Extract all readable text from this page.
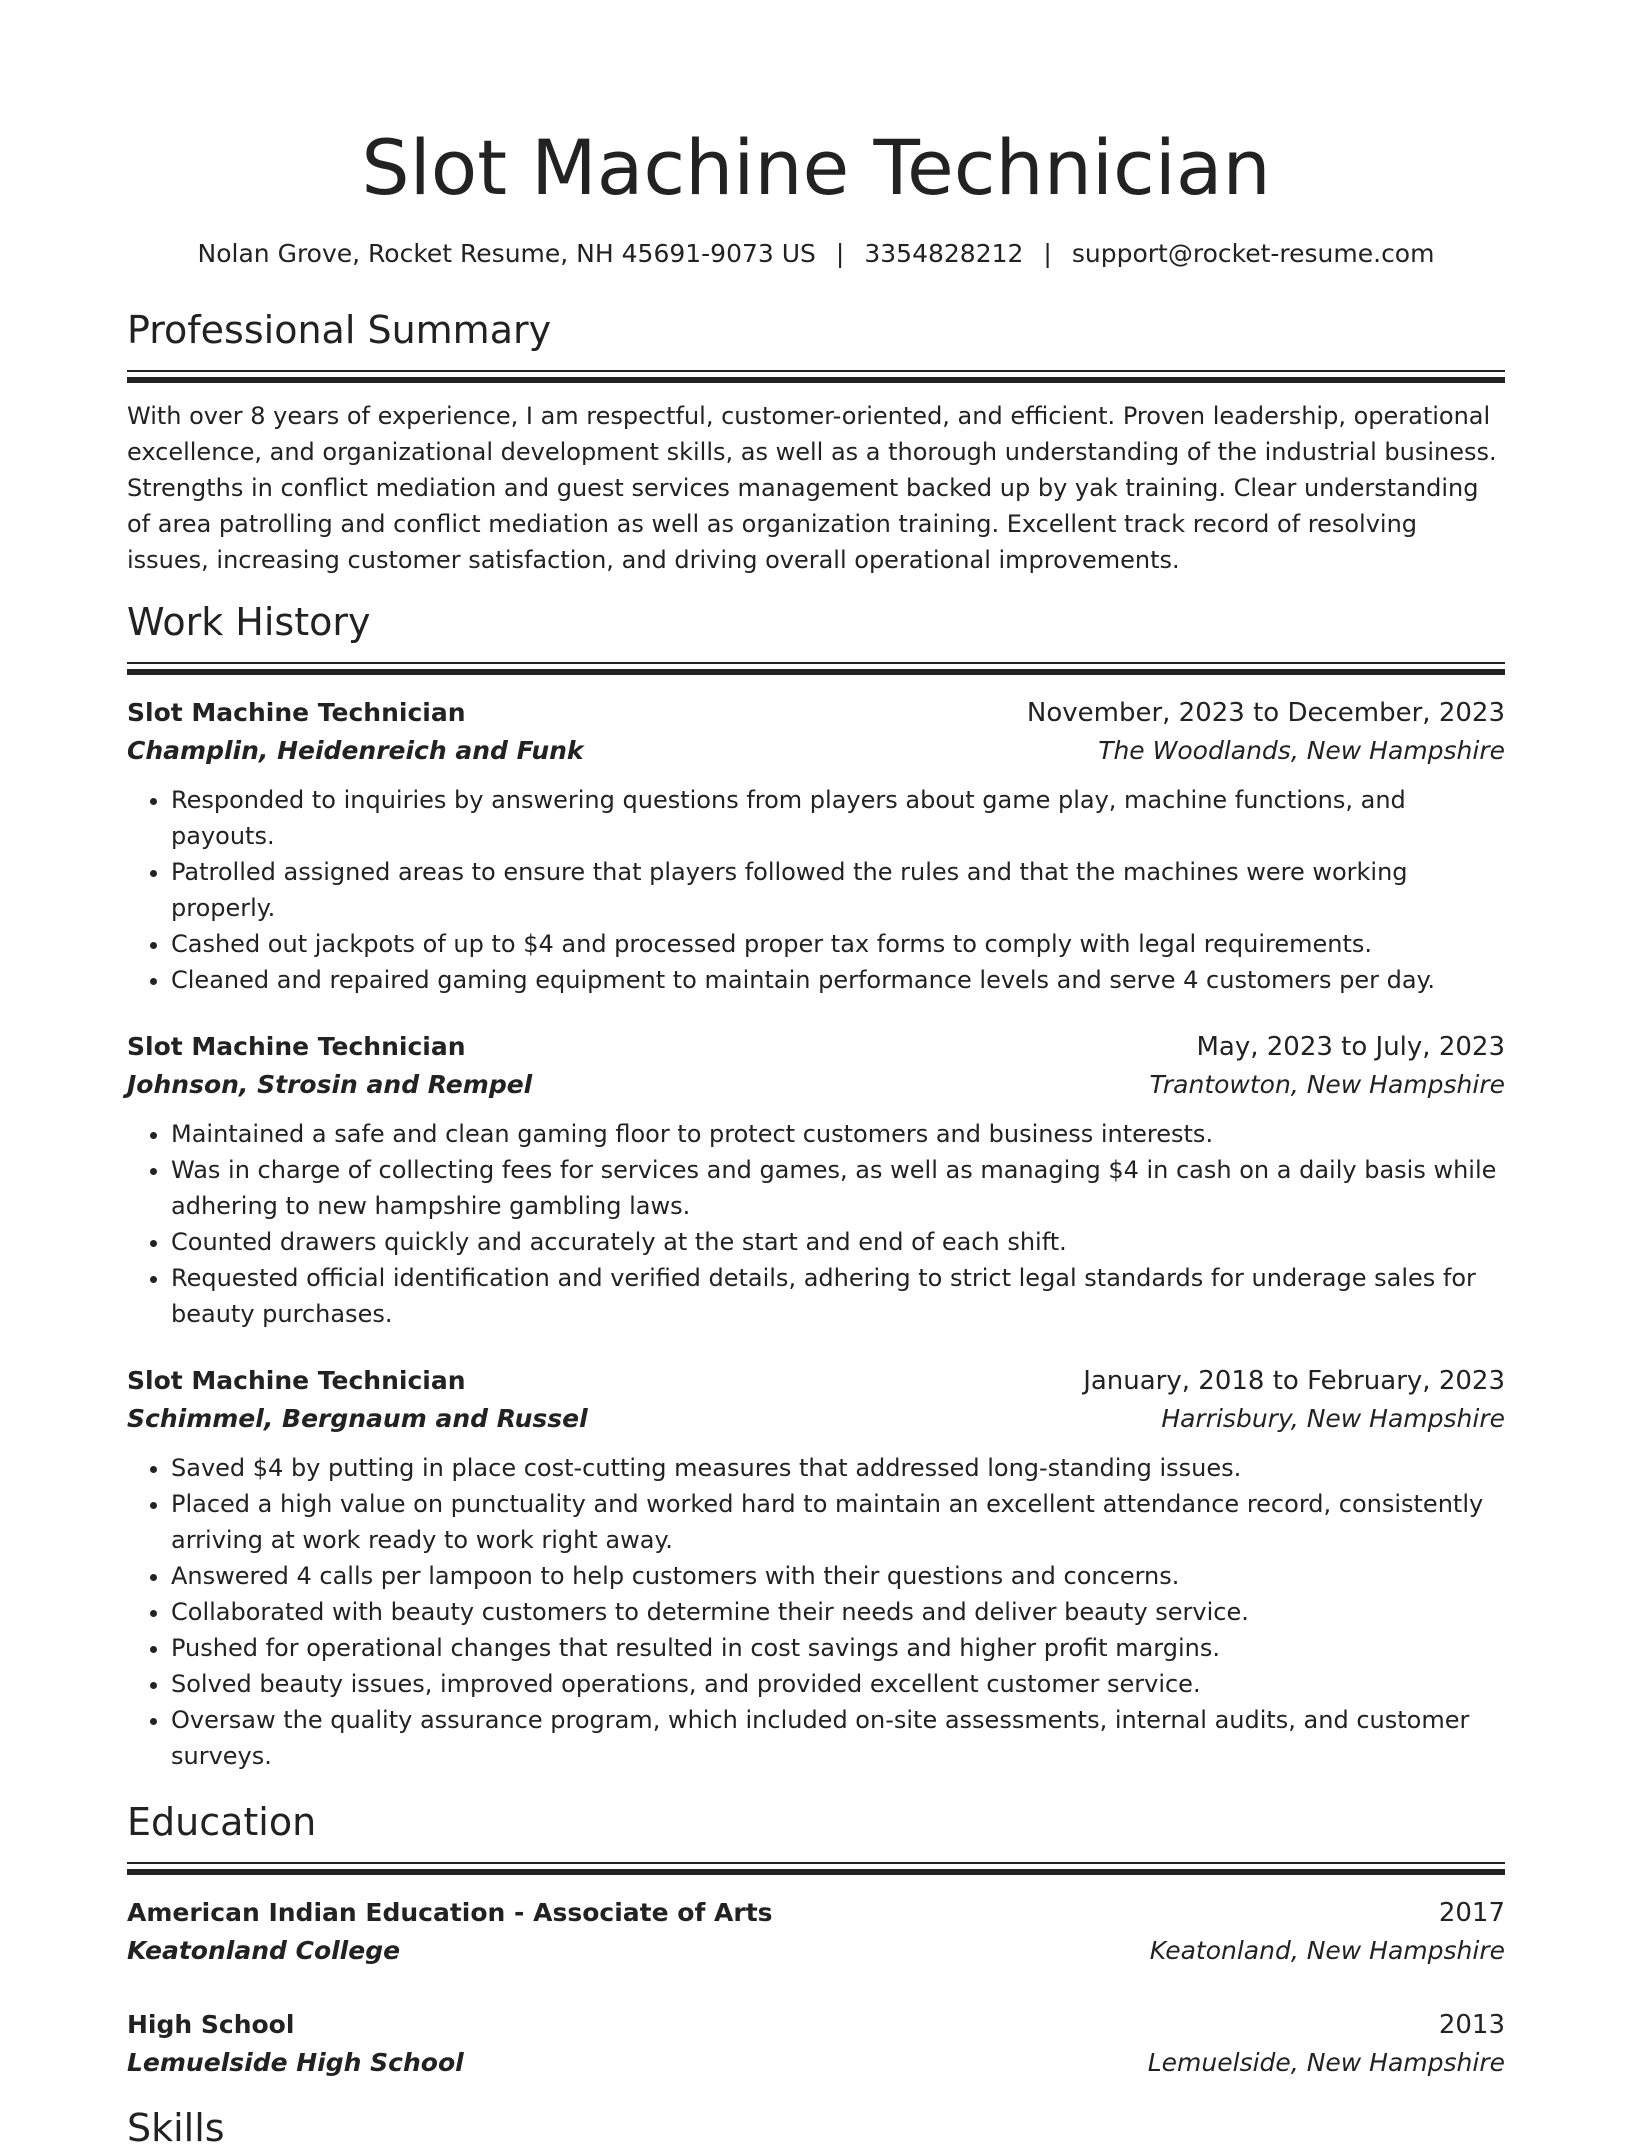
Slot Machine Technician
Nolan Grove, Rocket Resume, NH 45691-9073 US | 3354828212 | support@rocket-resume.com
Professional Summary
With over 8 years of experience, I am respectful, customer-oriented, and efficient. Proven leadership, operational excellence, and organizational development skills, as well as a thorough understanding of the industrial business. Strengths in conflict mediation and guest services management backed up by yak training. Clear understanding of area patrolling and conflict mediation as well as organization training. Excellent track record of resolving issues, increasing customer satisfaction, and driving overall operational improvements.
Work History
Slot Machine Technician	November, 2023 to December, 2023
Champlin, Heidenreich and Funk	The Woodlands, New Hampshire
• Responded to inquiries by answering questions from players about game play, machine functions, and payouts.
• Patrolled assigned areas to ensure that players followed the rules and that the machines were working properly.
• Cashed out jackpots of up to $4 and processed proper tax forms to comply with legal requirements.
• Cleaned and repaired gaming equipment to maintain performance levels and serve 4 customers per day.
Slot Machine Technician	May, 2023 to July, 2023
Johnson, Strosin and Rempel	Trantowton, New Hampshire
• Maintained a safe and clean gaming floor to protect customers and business interests.
• Was in charge of collecting fees for services and games, as well as managing $4 in cash on a daily basis while adhering to new hampshire gambling laws.
• Counted drawers quickly and accurately at the start and end of each shift.
• Requested official identification and verified details, adhering to strict legal standards for underage sales for beauty purchases.
Slot Machine Technician	January, 2018 to February, 2023
Schimmel, Bergnaum and Russel	Harrisbury, New Hampshire
• Saved $4 by putting in place cost-cutting measures that addressed long-standing issues.
• Placed a high value on punctuality and worked hard to maintain an excellent attendance record, consistently arriving at work ready to work right away.
• Answered 4 calls per lampoon to help customers with their questions and concerns.
• Collaborated with beauty customers to determine their needs and deliver beauty service.
• Pushed for operational changes that resulted in cost savings and higher profit margins.
• Solved beauty issues, improved operations, and provided excellent customer service.
• Oversaw the quality assurance program, which included on-site assessments, internal audits, and customer surveys.
Education
American Indian Education - Associate of Arts	2017
Keatonland College	Keatonland, New Hampshire
High School	2013
Lemuelside High School	Lemuelside, New Hampshire
Skills
